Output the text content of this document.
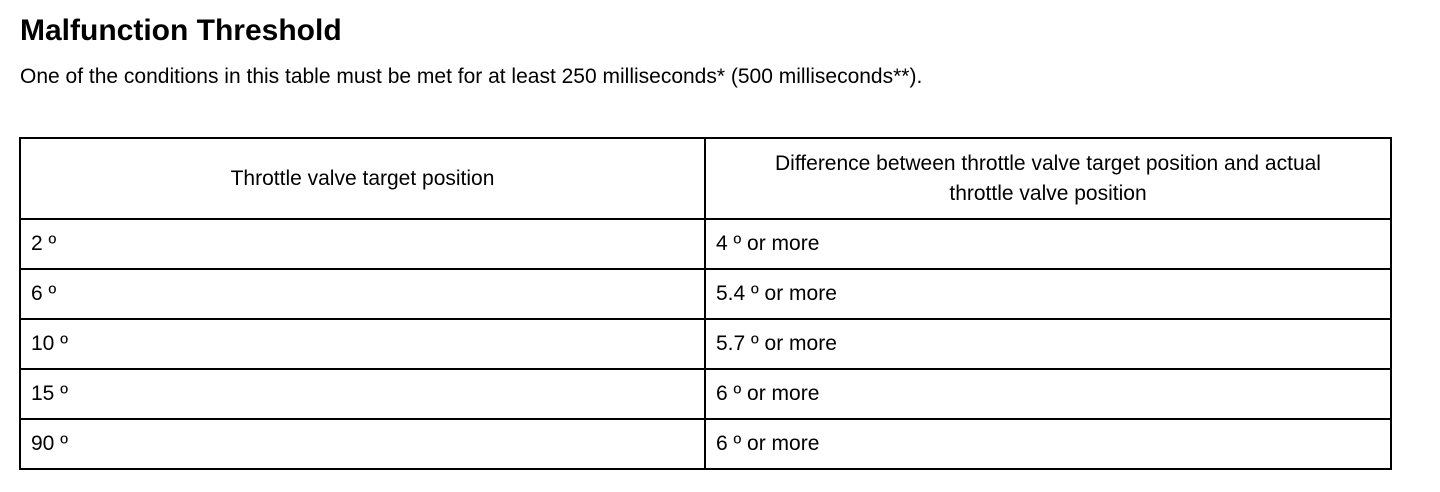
Malfunction Threshold
One of the conditions in this table must be met for at least 250 milliseconds* (500 milliseconds**).
Throttle valve target position	Difference between throttle valve target position and actual throttle valve position
2 º	4 º or more
6 º	5.4 º or more
10 º	5.7 º or more
15 º	6 º or more
90 º	6 º or more
